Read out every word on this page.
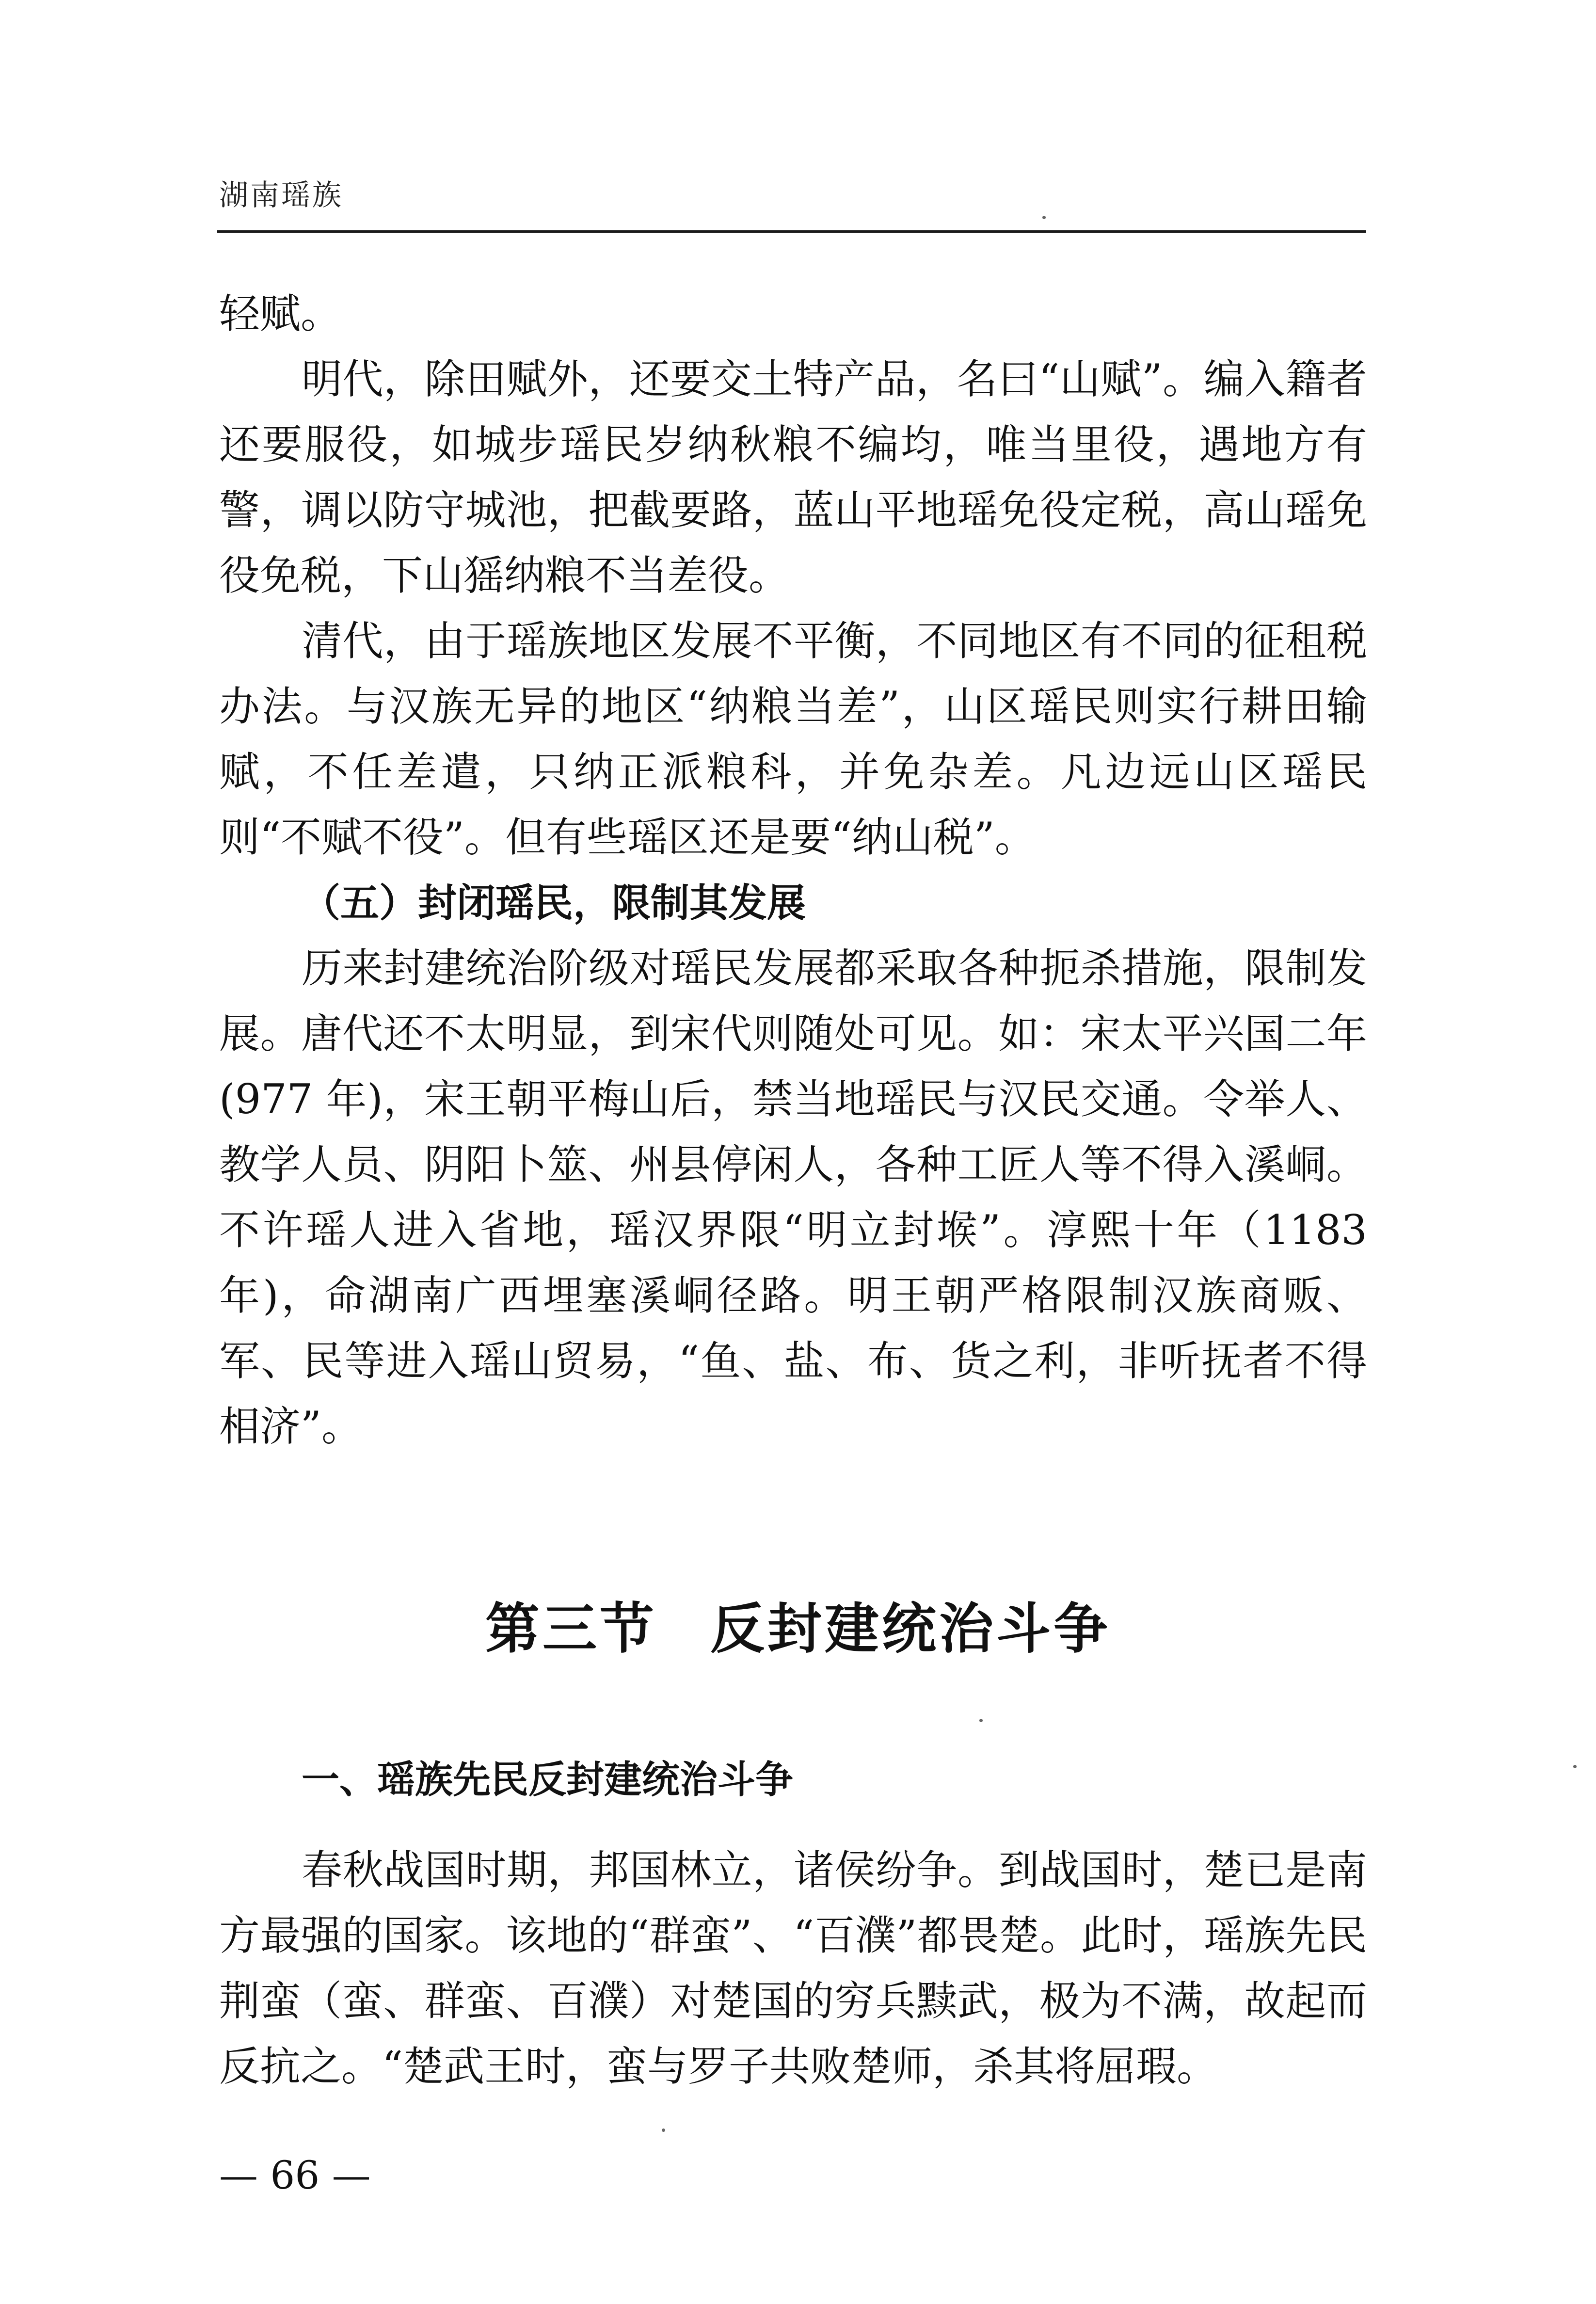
湖南瑶族

轻赋。

明代，除田赋外，还要交土特产品，名曰“山赋”。编入籍者还要服役，如城步瑶民岁纳秋粮不编均，唯当里役，遇地方有警，调以防守城池，把截要路，蓝山平地瑶免役定税，高山瑶免役免税，下山猺纳粮不当差役。

清代，由于瑶族地区发展不平衡，不同地区有不同的征租税办法。与汉族无异的地区“纳粮当差”，山区瑶民则实行耕田输赋，不任差遣，只纳正派粮科，并免杂差。凡边远山区瑶民则“不赋不役”。但有些瑶区还是要“纳山税”。

（五）封闭瑶民，限制其发展

历来封建统治阶级对瑶民发展都采取各种扼杀措施，限制发展。唐代还不太明显，到宋代则随处可见。如：宋太平兴国二年(977 年)，宋王朝平梅山后，禁当地瑶民与汉民交通。令举人、教学人员、阴阳卜筮、州县停闲人，各种工匠人等不得入溪峒。不许瑶人进入省地，瑶汉界限“明立封堠”。淳熙十年（1183年)，命湖南广西埋塞溪峒径路。明王朝严格限制汉族商贩、军、民等进入瑶山贸易，“鱼、盐、布、货之利，非听抚者不得相济”。

第三节 反封建统治斗争
一、瑶族先民反封建统治斗争

春秋战国时期，邦国林立，诸侯纷争。到战国时，楚已是南方最强的国家。该地的“群蛮”、“百濮”都畏楚。此时，瑶族先民荆蛮（蛮、群蛮、百濮）对楚国的穷兵黩武，极为不满，故起而反抗之。“楚武王时，蛮与罗子共败楚师，杀其将屈瑕。

— 66 —
